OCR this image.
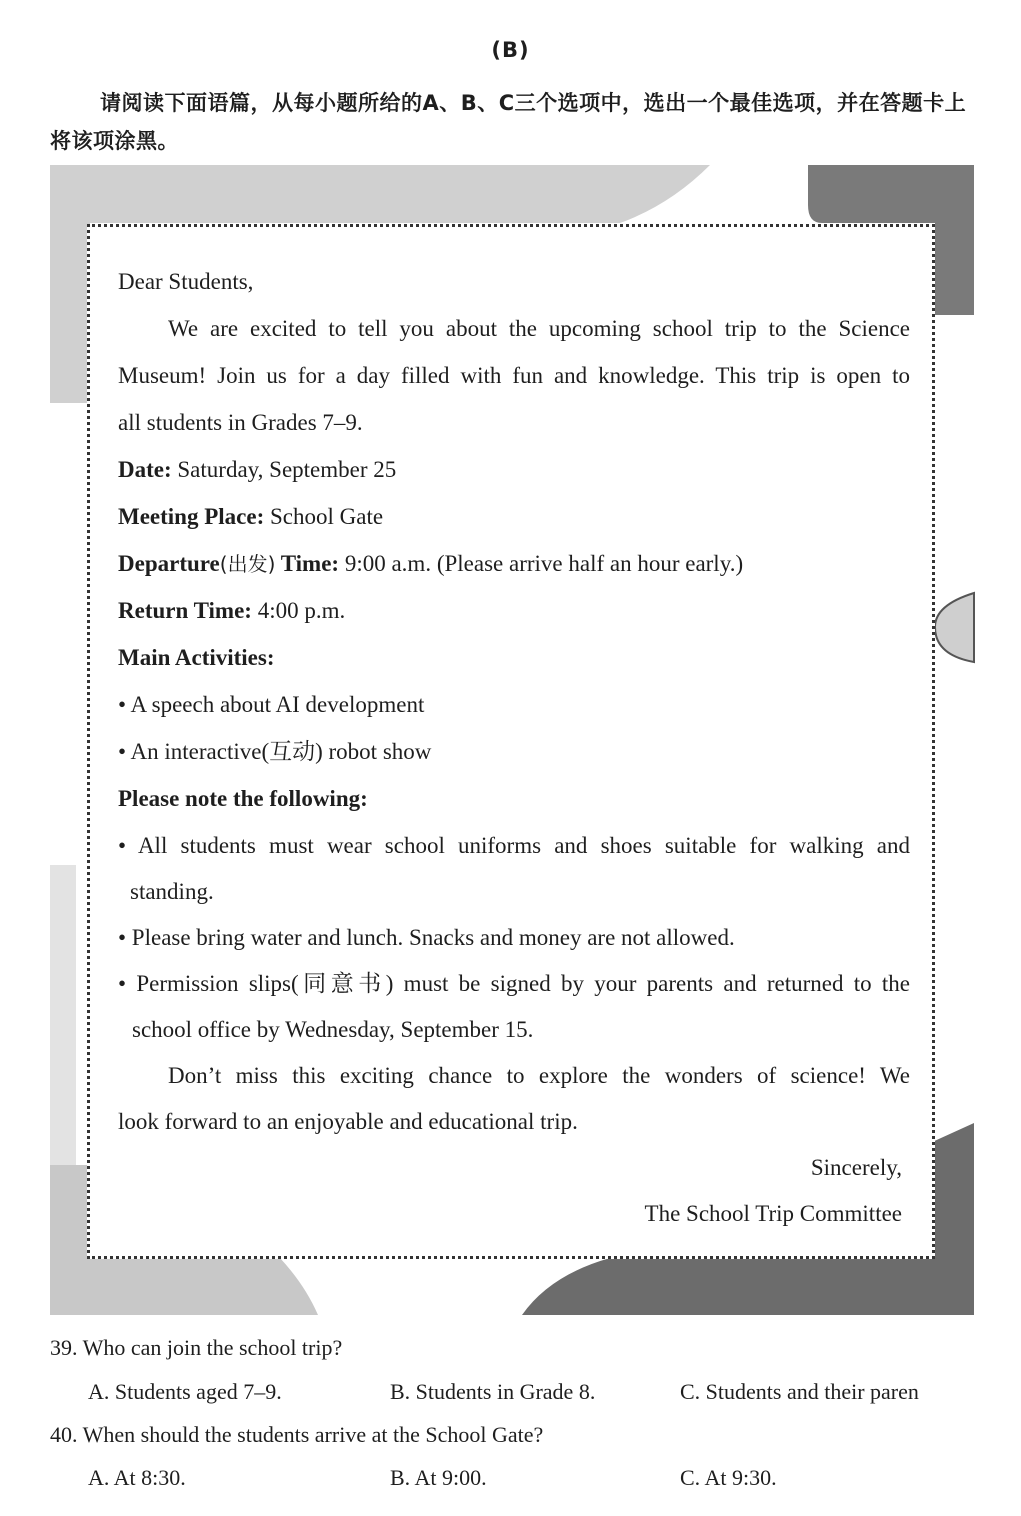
(B)
请阅读下面语篇，从每小题所给的A、B、C三个选项中，选出一个最佳选项，并在答题卡上将该项涂黑。
Dear Students,
We are excited to tell you about the upcoming school trip to the Science
Museum! Join us for a day filled with fun and knowledge. This trip is open to
all students in Grades 7–9.
Date: Saturday, September 25
Meeting Place: School Gate
Departure(出发) Time: 9:00 a.m. (Please arrive half an hour early.)
Return Time: 4:00 p.m.
Main Activities:
• A speech about AI development
• An interactive(互动) robot show
Please note the following:
• All students must wear school uniforms and shoes suitable for walking and
standing.
• Please bring water and lunch. Snacks and money are not allowed.
• Permission slips(同意书) must be signed by your parents and returned to the
school office by Wednesday, September 15.
Don’t miss this exciting chance to explore the wonders of science! We
look forward to an enjoyable and educational trip.
Sincerely,
The School Trip Committee
39. Who can join the school trip?
A. Students aged 7–9.	B. Students in Grade 8.	C. Students and their paren
40. When should the students arrive at the School Gate?
A. At 8:30.	B. At 9:00.	C. At 9:30.
